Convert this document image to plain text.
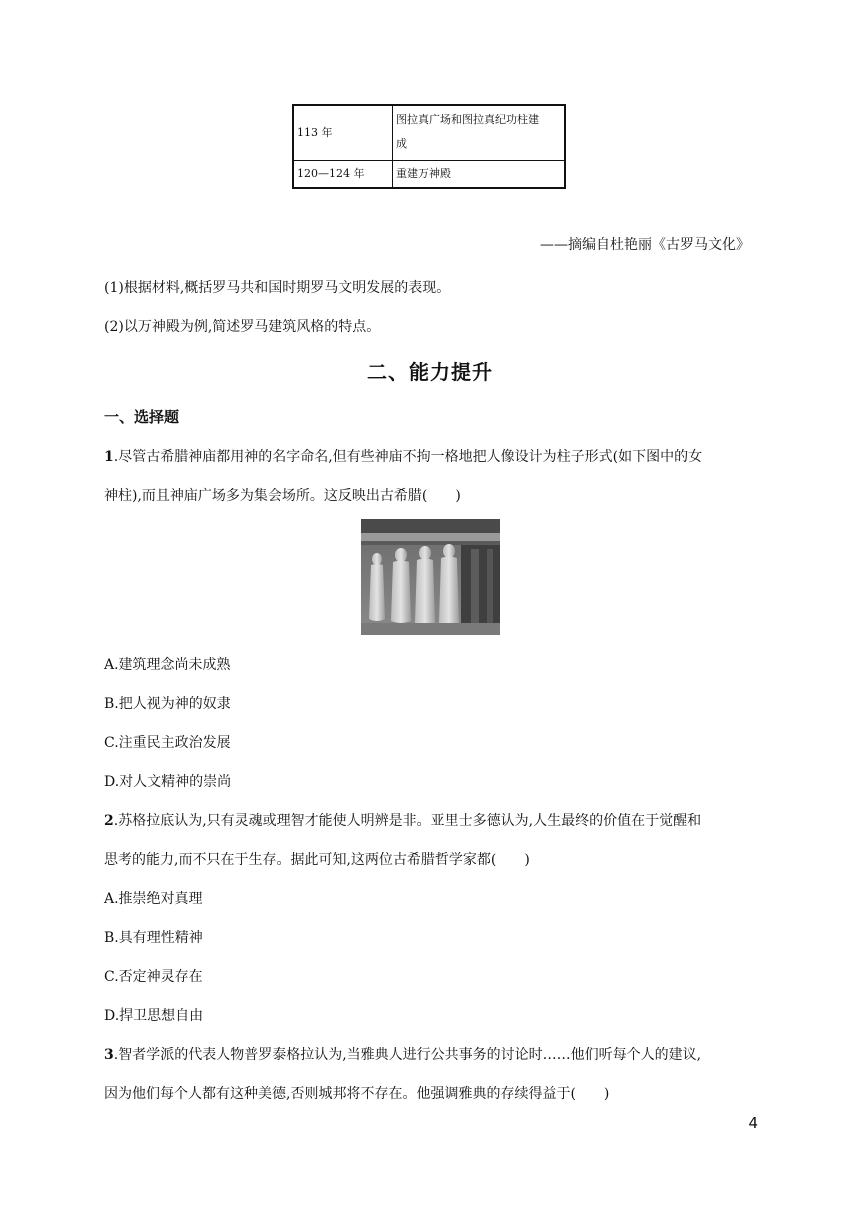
113 年	图拉真广场和图拉真纪功柱建
成

120—124 年	重建万神殿
——摘编自杜艳丽《古罗马文化》
(1)根据材料,概括罗马共和国时期罗马文明发展的表现。
(2)以万神殿为例,简述罗马建筑风格的特点。
二、能力提升
一、选择题
1.尽管古希腊神庙都用神的名字命名,但有些神庙不拘一格地把人像设计为柱子形式(如下图中的女
神柱),而且神庙广场多为集会场所。这反映出古希腊(　　)
A.建筑理念尚未成熟
B.把人视为神的奴隶
C.注重民主政治发展
D.对人文精神的崇尚
2.苏格拉底认为,只有灵魂或理智才能使人明辨是非。亚里士多德认为,人生最终的价值在于觉醒和
思考的能力,而不只在于生存。据此可知,这两位古希腊哲学家都(　　)
A.推崇绝对真理
B.具有理性精神
C.否定神灵存在
D.捍卫思想自由
3.智者学派的代表人物普罗泰格拉认为,当雅典人进行公共事务的讨论时……他们听每个人的建议,
因为他们每个人都有这种美德,否则城邦将不存在。他强调雅典的存续得益于(　　)
4
